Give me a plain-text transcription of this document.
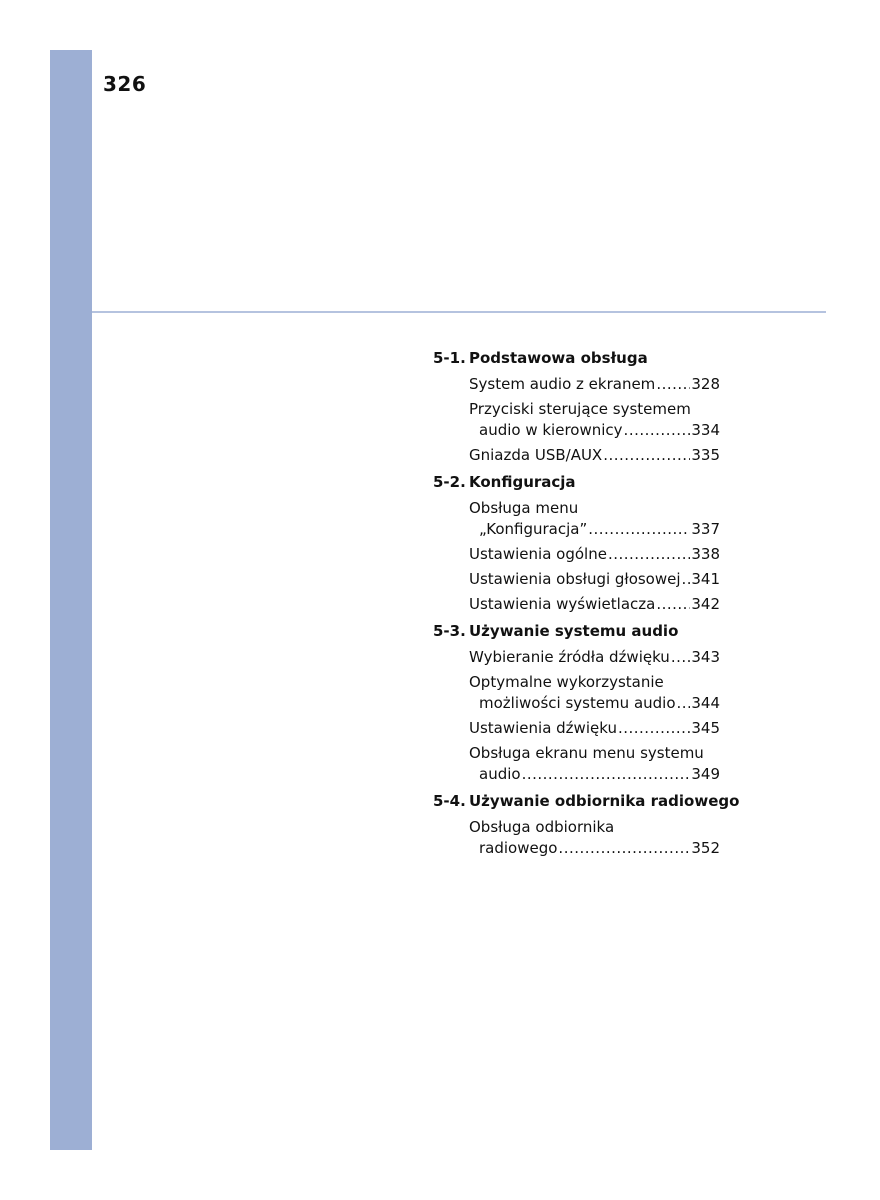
326
5-1. Podstawowa obsługa
System audio z ekranem ..... 328
Przyciski sterujące systemem
audio w kierownicy .....	334
Gniazda USB/AUX .....	335
5-2. Konfiguracja
Obsługa menu
„Konfiguracja” .....	337
Ustawienia ogólne .....	338
Ustawienia obsługi głosowej ..... 341
Ustawienia wyświetlacza ..... 342
5-3. Używanie systemu audio
Wybieranie źródła dźwięku ..... 343
Optymalne wykorzystanie
możliwości systemu audio ..... 344
Ustawienia dźwięku .....	345
Obsługa ekranu menu systemu
audio .....	349
5-4. Używanie odbiornika radiowego
Obsługa odbiornika
radiowego .....	352
